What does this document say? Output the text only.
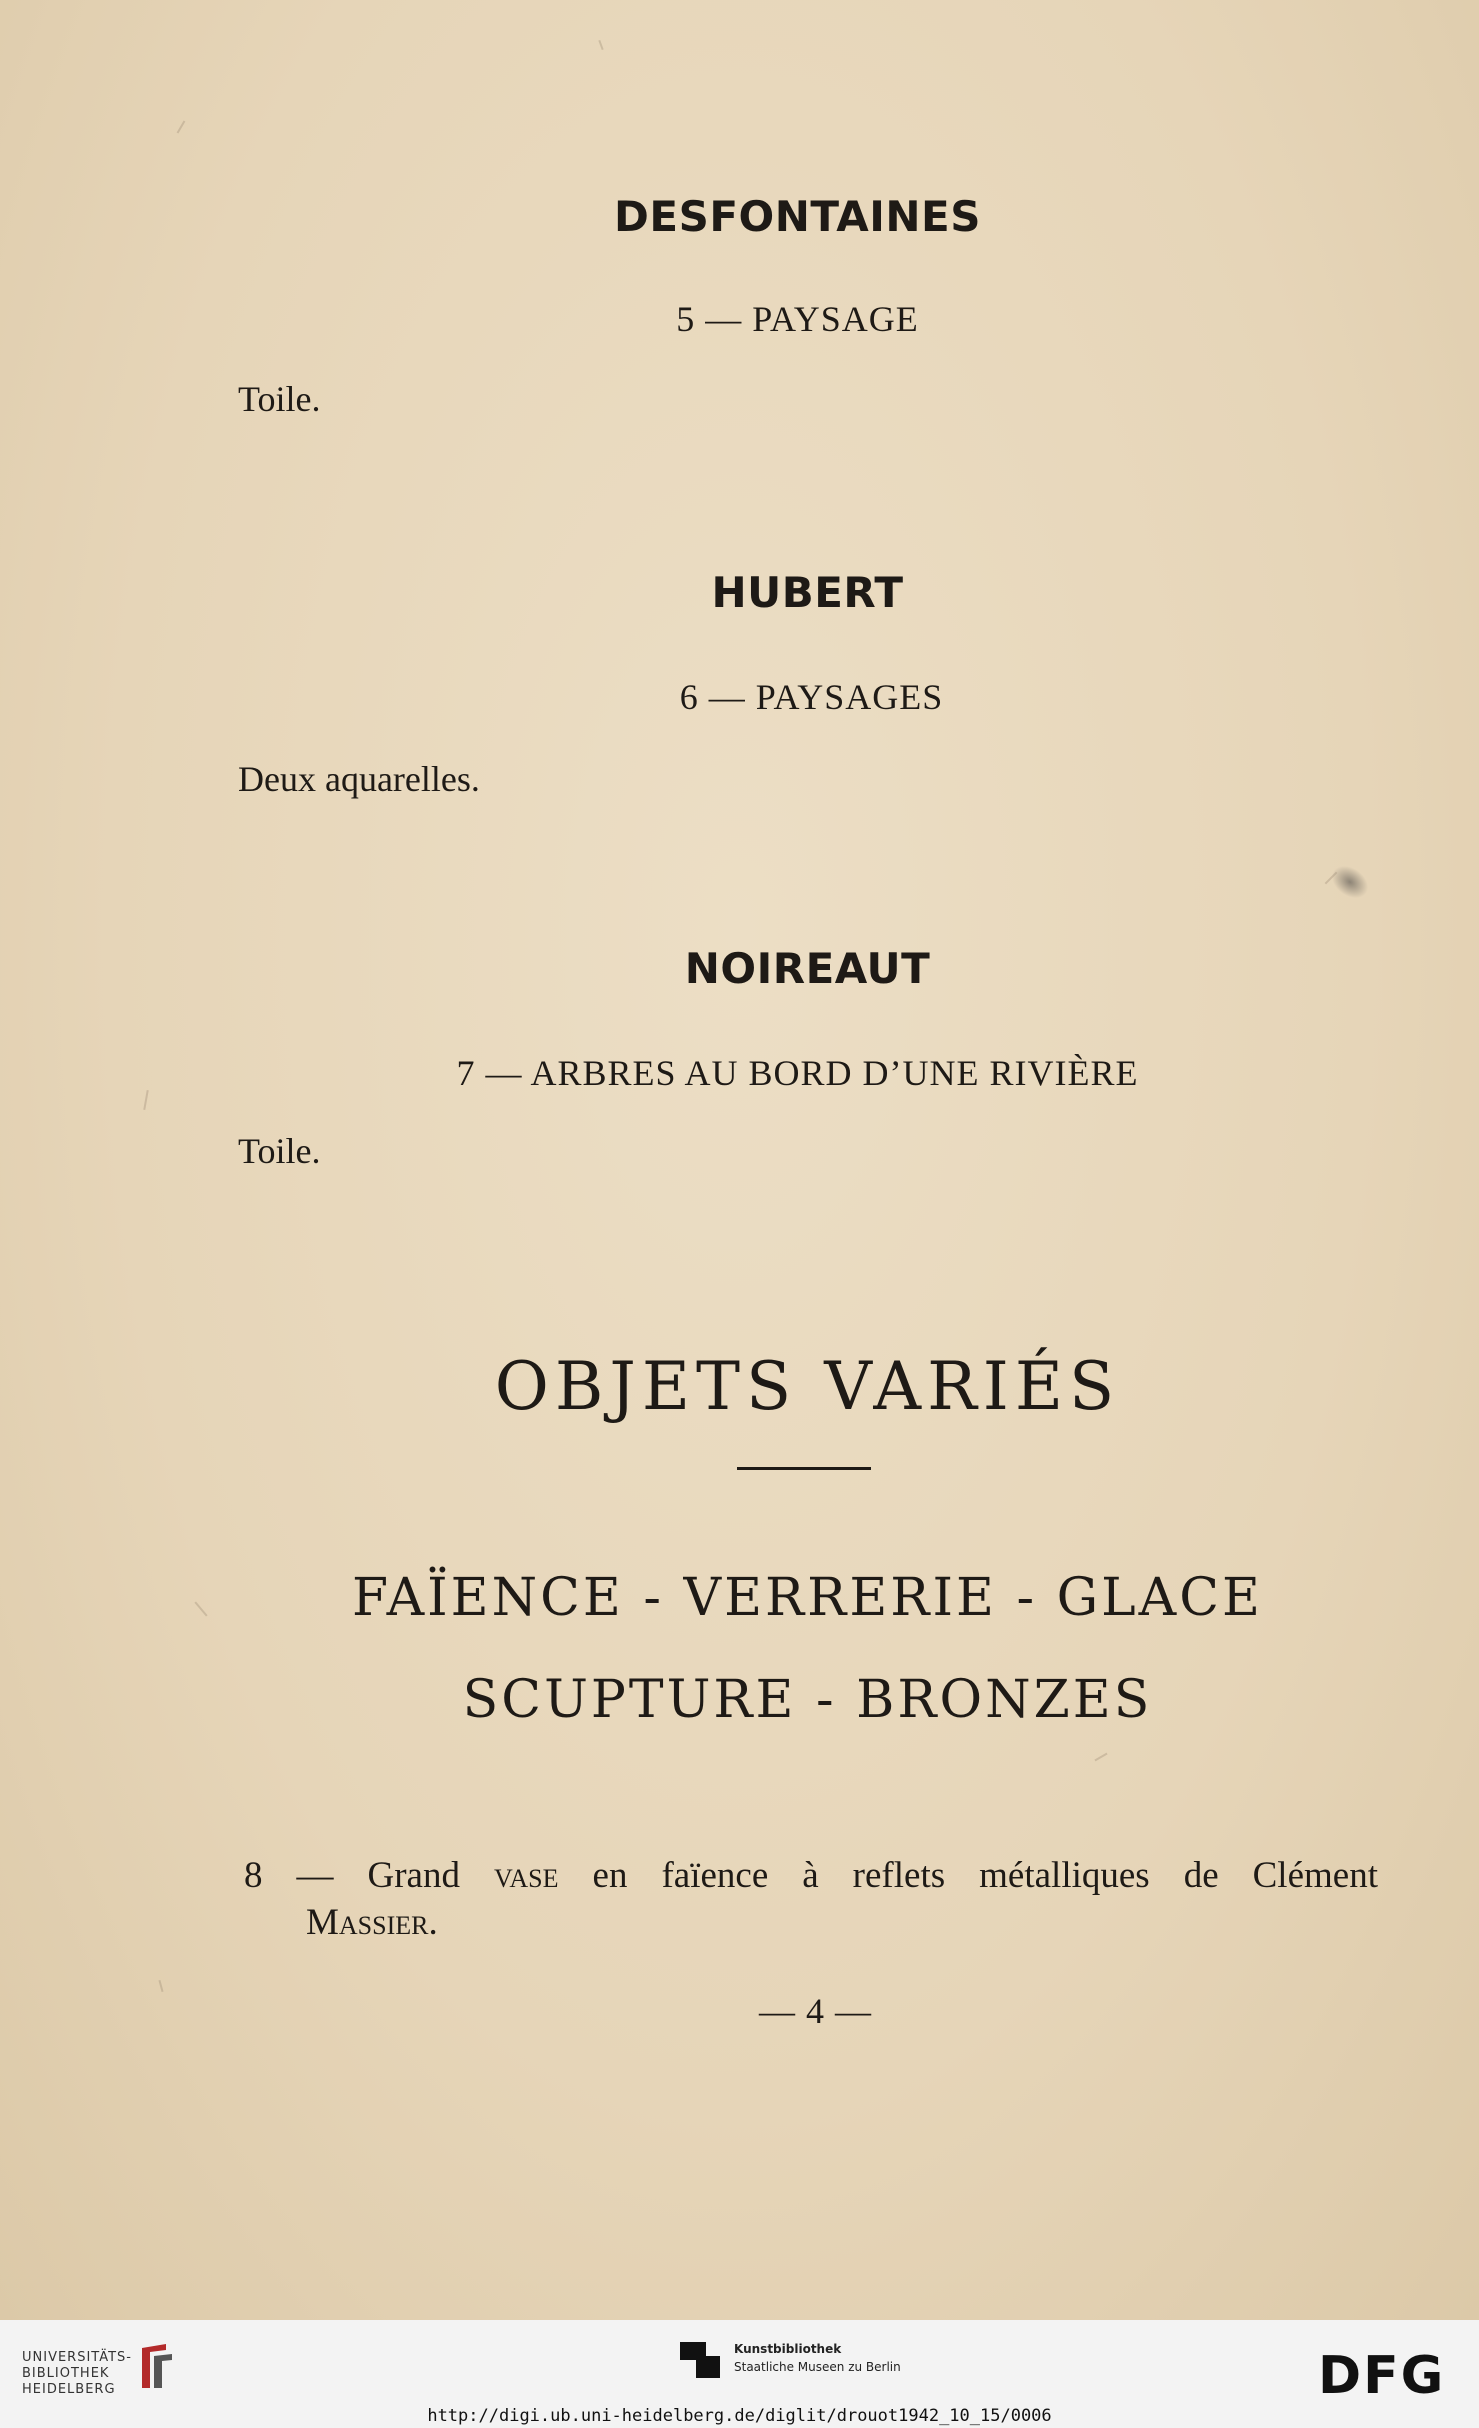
DESFONTAINES
5 — PAYSAGE
Toile.
HUBERT
6 — PAYSAGES
Deux aquarelles.
NOIREAUT
7 — ARBRES AU BORD D’UNE RIVIÈRE
Toile.
OBJETS VARIÉS
FAÏENCE - VERRERIE - GLACE
SCUPTURE - BRONZES
8 — Grand vase en faïence à reflets métalliques de Clément
Massier.
— 4 —
UNIVERSITÄTS-
BIBLIOTHEK
HEIDELBERG
Kunstbibliothek
Staatliche Museen zu Berlin	DFG
http://digi.ub.uni-heidelberg.de/diglit/drouot1942_10_15/0006
